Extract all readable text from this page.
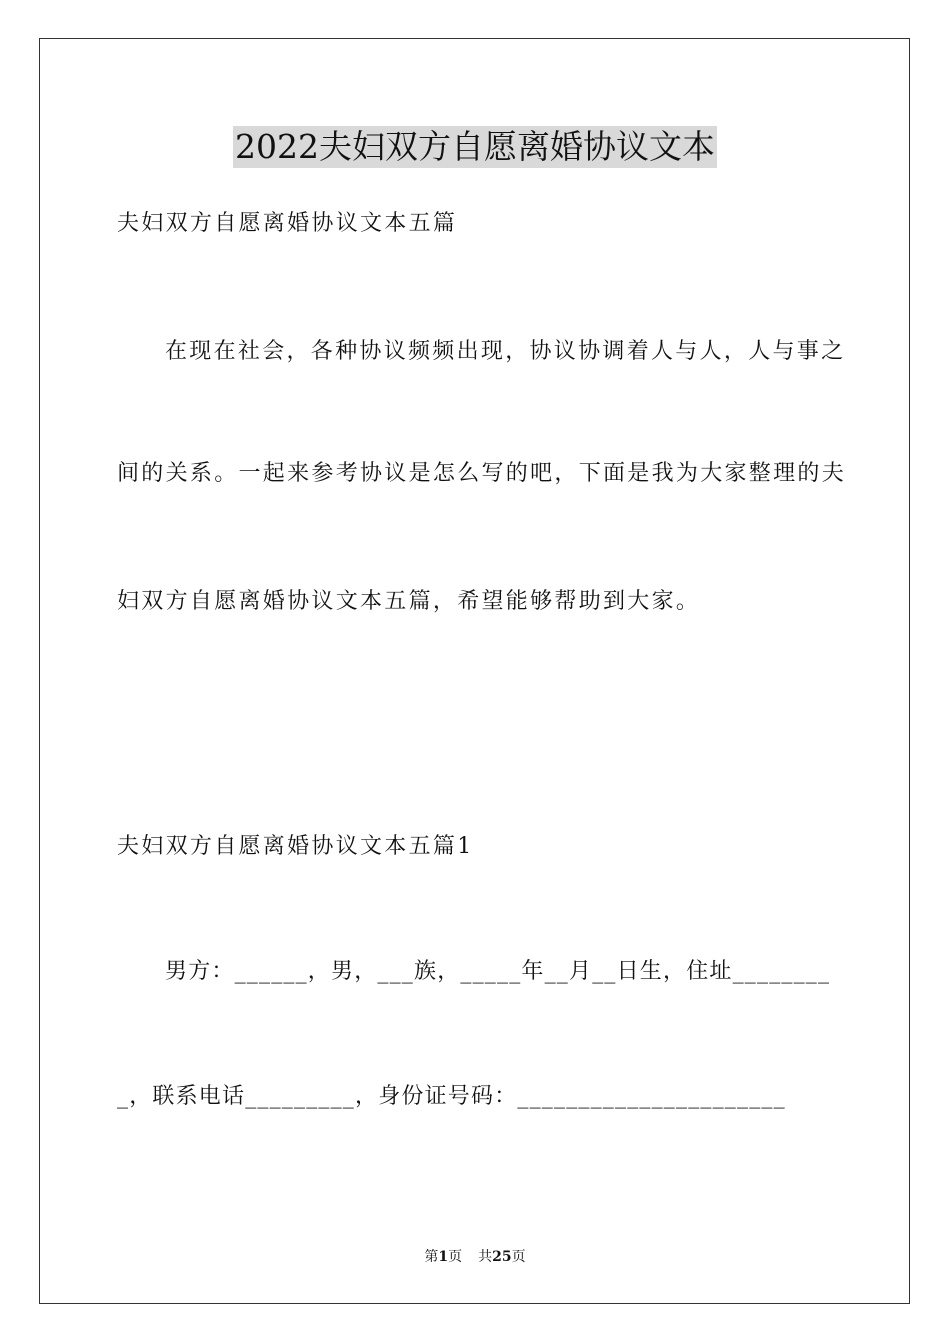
2022夫妇双方自愿离婚协议文本
夫妇双方自愿离婚协议文本五篇
在现在社会，各种协议频频出现，协议协调着人与人，人与事之
间的关系。一起来参考协议是怎么写的吧，下面是我为大家整理的夫
妇双方自愿离婚协议文本五篇，希望能够帮助到大家。
夫妇双方自愿离婚协议文本五篇1
男方：______，男，___族，_____年__月__日生，住址________
_，联系电话_________，身份证号码：______________________
第1页 共25页
